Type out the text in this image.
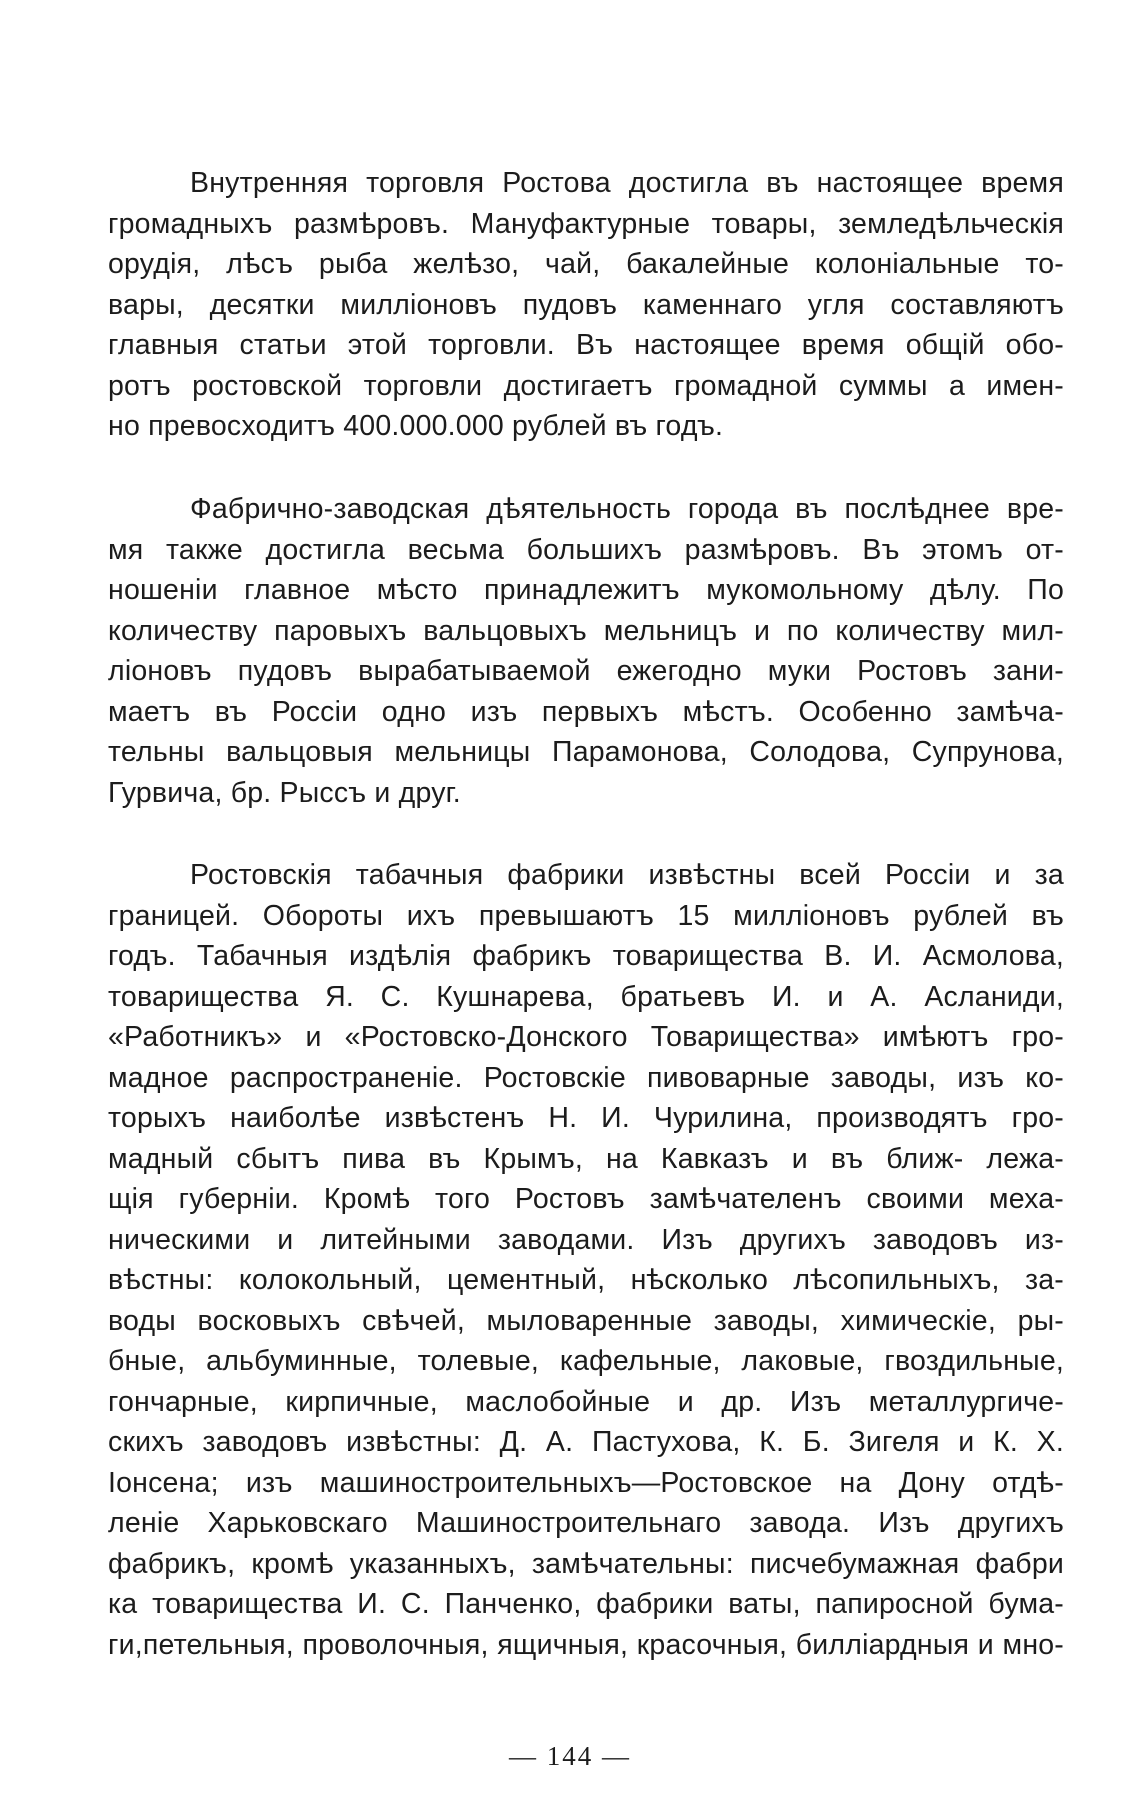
Внутренняя торговля Ростова достигла въ настоящее время
громадныхъ размѣровъ. Мануфактурные товары, земледѣльческія
орудія, лѣсъ рыба желѣзо, чай, бакалейные колоніальные то-
вары, десятки милліоновъ пудовъ каменнаго угля составляютъ
главныя статьи этой торговли. Въ настоящее время общій обо-
ротъ ростовской торговли достигаетъ громадной суммы а имен-
но превосходитъ 400.000.000 рублей въ годъ.
Фабрично-заводская дѣятельность города въ послѣднее вре-
мя также достигла весьма большихъ размѣровъ. Въ этомъ от-
ношеніи главное мѣсто принадлежитъ мукомольному дѣлу. По
количеству паровыхъ вальцовыхъ мельницъ и по количеству мил-
ліоновъ пудовъ вырабатываемой ежегодно муки Ростовъ зани-
маетъ въ Россіи одно изъ первыхъ мѣстъ. Особенно замѣча-
тельны вальцовыя мельницы Парамонова, Солодова, Супрунова,
Гурвича, бр. Рыссъ и друг.
Ростовскія табачныя фабрики извѣстны всей Россіи и за
границей. Обороты ихъ превышаютъ 15 милліоновъ рублей въ
годъ. Табачныя издѣлія фабрикъ товарищества В. И. Асмолова,
товарищества Я. С. Кушнарева, братьевъ И. и А. Асланиди,
«Работникъ» и «Ростовско-Донского Товарищества» имѣютъ гро-
мадное распространеніе. Ростовскіе пивоварные заводы, изъ ко-
торыхъ наиболѣе извѣстенъ Н. И. Чурилина, производятъ гро-
мадный сбытъ пива въ Крымъ, на Кавказъ и въ ближ- лежа-
щія губерніи. Кромѣ того Ростовъ замѣчателенъ своими меха-
ническими и литейными заводами. Изъ другихъ заводовъ из-
вѣстны: колокольный, цементный, нѣсколько лѣсопильныхъ, за-
воды восковыхъ свѣчей, мыловаренные заводы, химическіе, ры-
бные, альбуминные, толевые, кафельные, лаковые, гвоздильные,
гончарные, кирпичные, маслобойные и др. Изъ металлургиче-
скихъ заводовъ извѣстны: Д. А. Пастухова, К. Б. Зигеля и К. Х.
Іонсена; изъ машиностроительныхъ—Ростовское на Дону отдѣ-
леніе Харьковскаго Машиностроительнаго завода. Изъ другихъ
фабрикъ, кромѣ указанныхъ, замѣчательны: писчебумажная фабри
ка товарищества И. С. Панченко, фабрики ваты, папиросной бума-
ги,петельныя, проволочныя, ящичныя, красочныя, билліардныя и мно-
— 144 —
